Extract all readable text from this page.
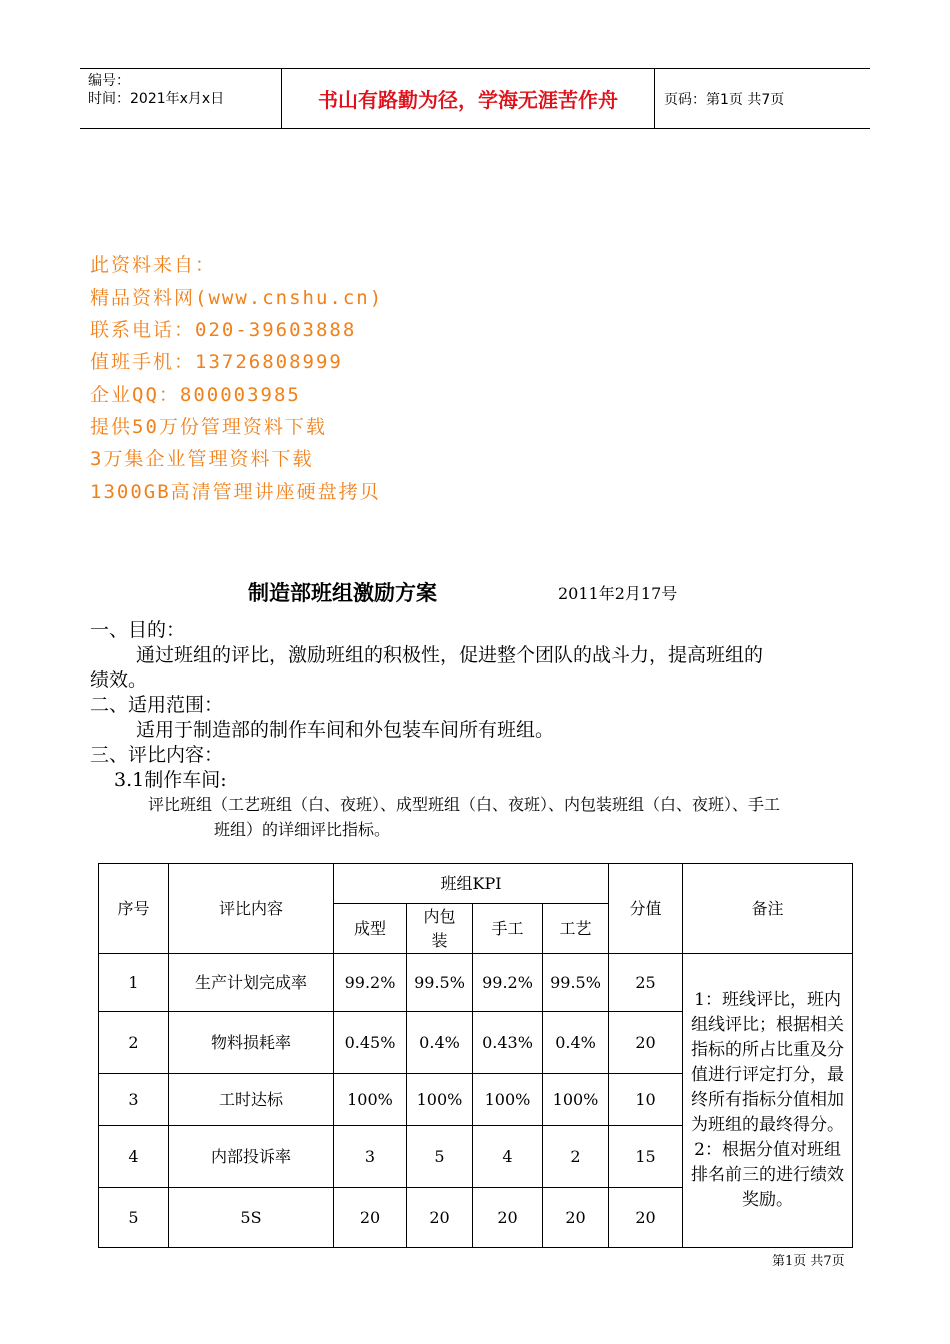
编号：
时间：2021年x月x日	书山有路勤为径，学海无涯苦作舟	页码：第1页 共7页
此资料来自：
精品资料网(www.cnshu.cn)
联系电话：020-39603888
值班手机：13726808999
企业QQ：800003985
提供50万份管理资料下载
3万集企业管理资料下载
1300GB高清管理讲座硬盘拷贝
制造部班组激励方案	2011年2月17号
一、目的：
通过班组的评比，激励班组的积极性，促进整个团队的战斗力，提高班组的
绩效。
二、适用范围：
适用于制造部的制作车间和外包装车间所有班组。
三、评比内容：
3.1制作车间:
评比班组（工艺班组（白、夜班）、成型班组（白、夜班）、内包装班组（白、夜班）、手工
班组）的详细评比指标。
序号	评比内容	班组KPI				分值	备注
		成型	内包装	手工	工艺		
1	生产计划完成率	99.2%	99.5%	99.2%	99.5%	25	1：班线评比，班内组线评比；根据相关指标的所占比重及分值进行评定打分，最终所有指标分值相加为班组的最终得分。2：根据分值对班组排名前三的进行绩效奖励。
2	物料损耗率	0.45%	0.4%	0.43%	0.4%	20	
3	工时达标	100%	100%	100%	100%	10	
4	内部投诉率	3	5	4	2	15	
5	5S	20	20	20	20	20	
第1页 共7页
